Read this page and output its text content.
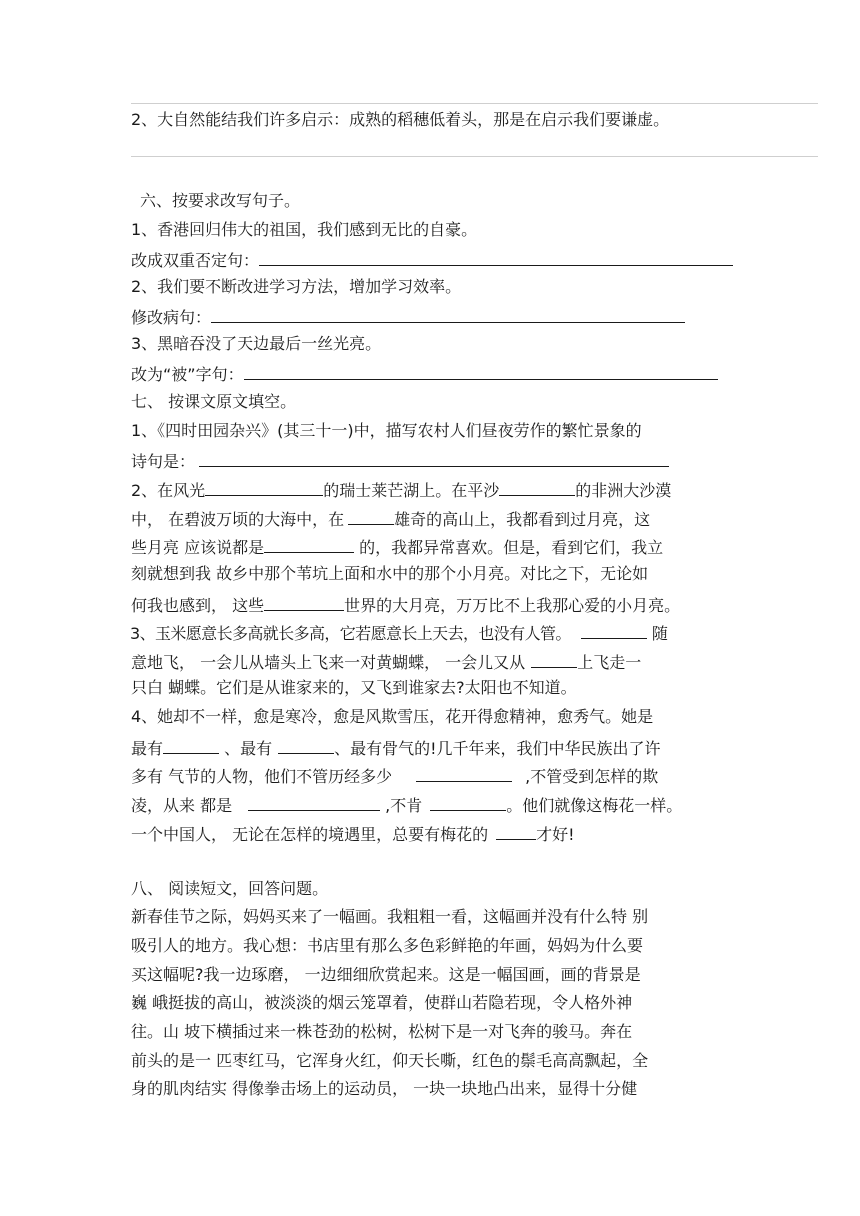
2、大自然能结我们许多启示：成熟的稻穗低着头，那是在启示我们要谦虚。
六、按要求改写句子。
1、香港回归伟大的祖国，我们感到无比的自豪。
改成双重否定句：
2、我们要不断改进学习方法，增加学习效率。
修改病句：
3、黑暗吞没了天边最后一丝光亮。
改为“被”字句：
七、 按课文原文填空。
1、《四时田园杂兴》(其三十一)中，描写农村人们昼夜劳作的繁忙景象的
诗句是：
2、在风光	的瑞士莱芒湖上。在平沙	的非洲大沙漠
中， 在碧波万顷的大海中，在	雄奇的高山上，我都看到过月亮，这
些月亮 应该说都是	的，我都异常喜欢。但是，看到它们，我立
刻就想到我 故乡中那个苇坑上面和水中的那个小月亮。对比之下，无论如
何我也感到， 这些	世界的大月亮，万万比不上我那心爱的小月亮。
3、玉米愿意长多高就长多高，它若愿意长上天去，也没有人管。	随
意地飞， 一会儿从墙头上飞来一对黄蝴蝶， 一会儿又从	上飞走一
只白 蝴蝶。它们是从谁家来的，又飞到谁家去?太阳也不知道。
4、她却不一样，愈是寒冷，愈是风欺雪压，花开得愈精神，愈秀气。她是
最有	、最有	、最有骨气的!几千年来，我们中华民族出了许
多有 气节的人物，他们不管历经多少	,不管受到怎样的欺
凌，从来 都是	,不肯	。他们就像这梅花一样。
一个中国人， 无论在怎样的境遇里，总要有梅花的	才好!
八、 阅读短文，回答问题。
新春佳节之际，妈妈买来了一幅画。我粗粗一看，这幅画并没有什么特 别
吸引人的地方。我心想：书店里有那么多色彩鲜艳的年画，妈妈为什么要
买这幅呢?我一边琢磨， 一边细细欣赏起来。这是一幅国画，画的背景是
巍 峨挺拔的高山，被淡淡的烟云笼罩着，使群山若隐若现，令人格外神
往。山 坡下横插过来一株苍劲的松树，松树下是一对飞奔的骏马。奔在
前头的是一 匹枣红马，它浑身火红，仰天长嘶，红色的鬃毛高高飘起，全
身的肌肉结实 得像拳击场上的运动员， 一块一块地凸出来，显得十分健
